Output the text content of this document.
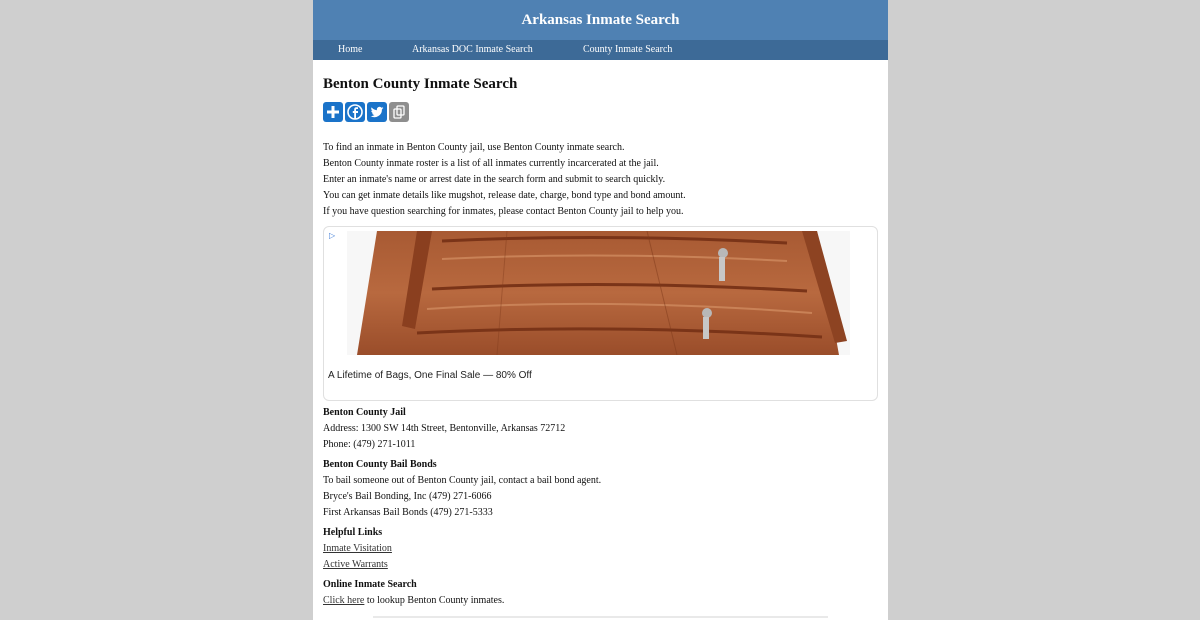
Arkansas Inmate Search
Home	Arkansas DOC Inmate Search	County Inmate Search
Benton County Inmate Search

To find an inmate in Benton County jail, use Benton County inmate search.
Benton County inmate roster is a list of all inmates currently incarcerated at the jail.
Enter an inmate's name or arrest date in the search form and submit to search quickly.
You can get inmate details like mugshot, release date, charge, bond type and bond amount.
If you have question searching for inmates, please contact Benton County jail to help you.

▷
A Lifetime of Bags, One Final Sale — 80% Off
Benton County Jail
Address: 1300 SW 14th Street, Bentonville, Arkansas 72712
Phone: (479) 271-1011
Benton County Bail Bonds
To bail someone out of Benton County jail, contact a bail bond agent.
Bryce's Bail Bonding, Inc (479) 271-6066
First Arkansas Bail Bonds (479) 271-5333
Helpful Links
Inmate Visitation
Active Warrants
Online Inmate Search
Click here to lookup Benton County inmates.
